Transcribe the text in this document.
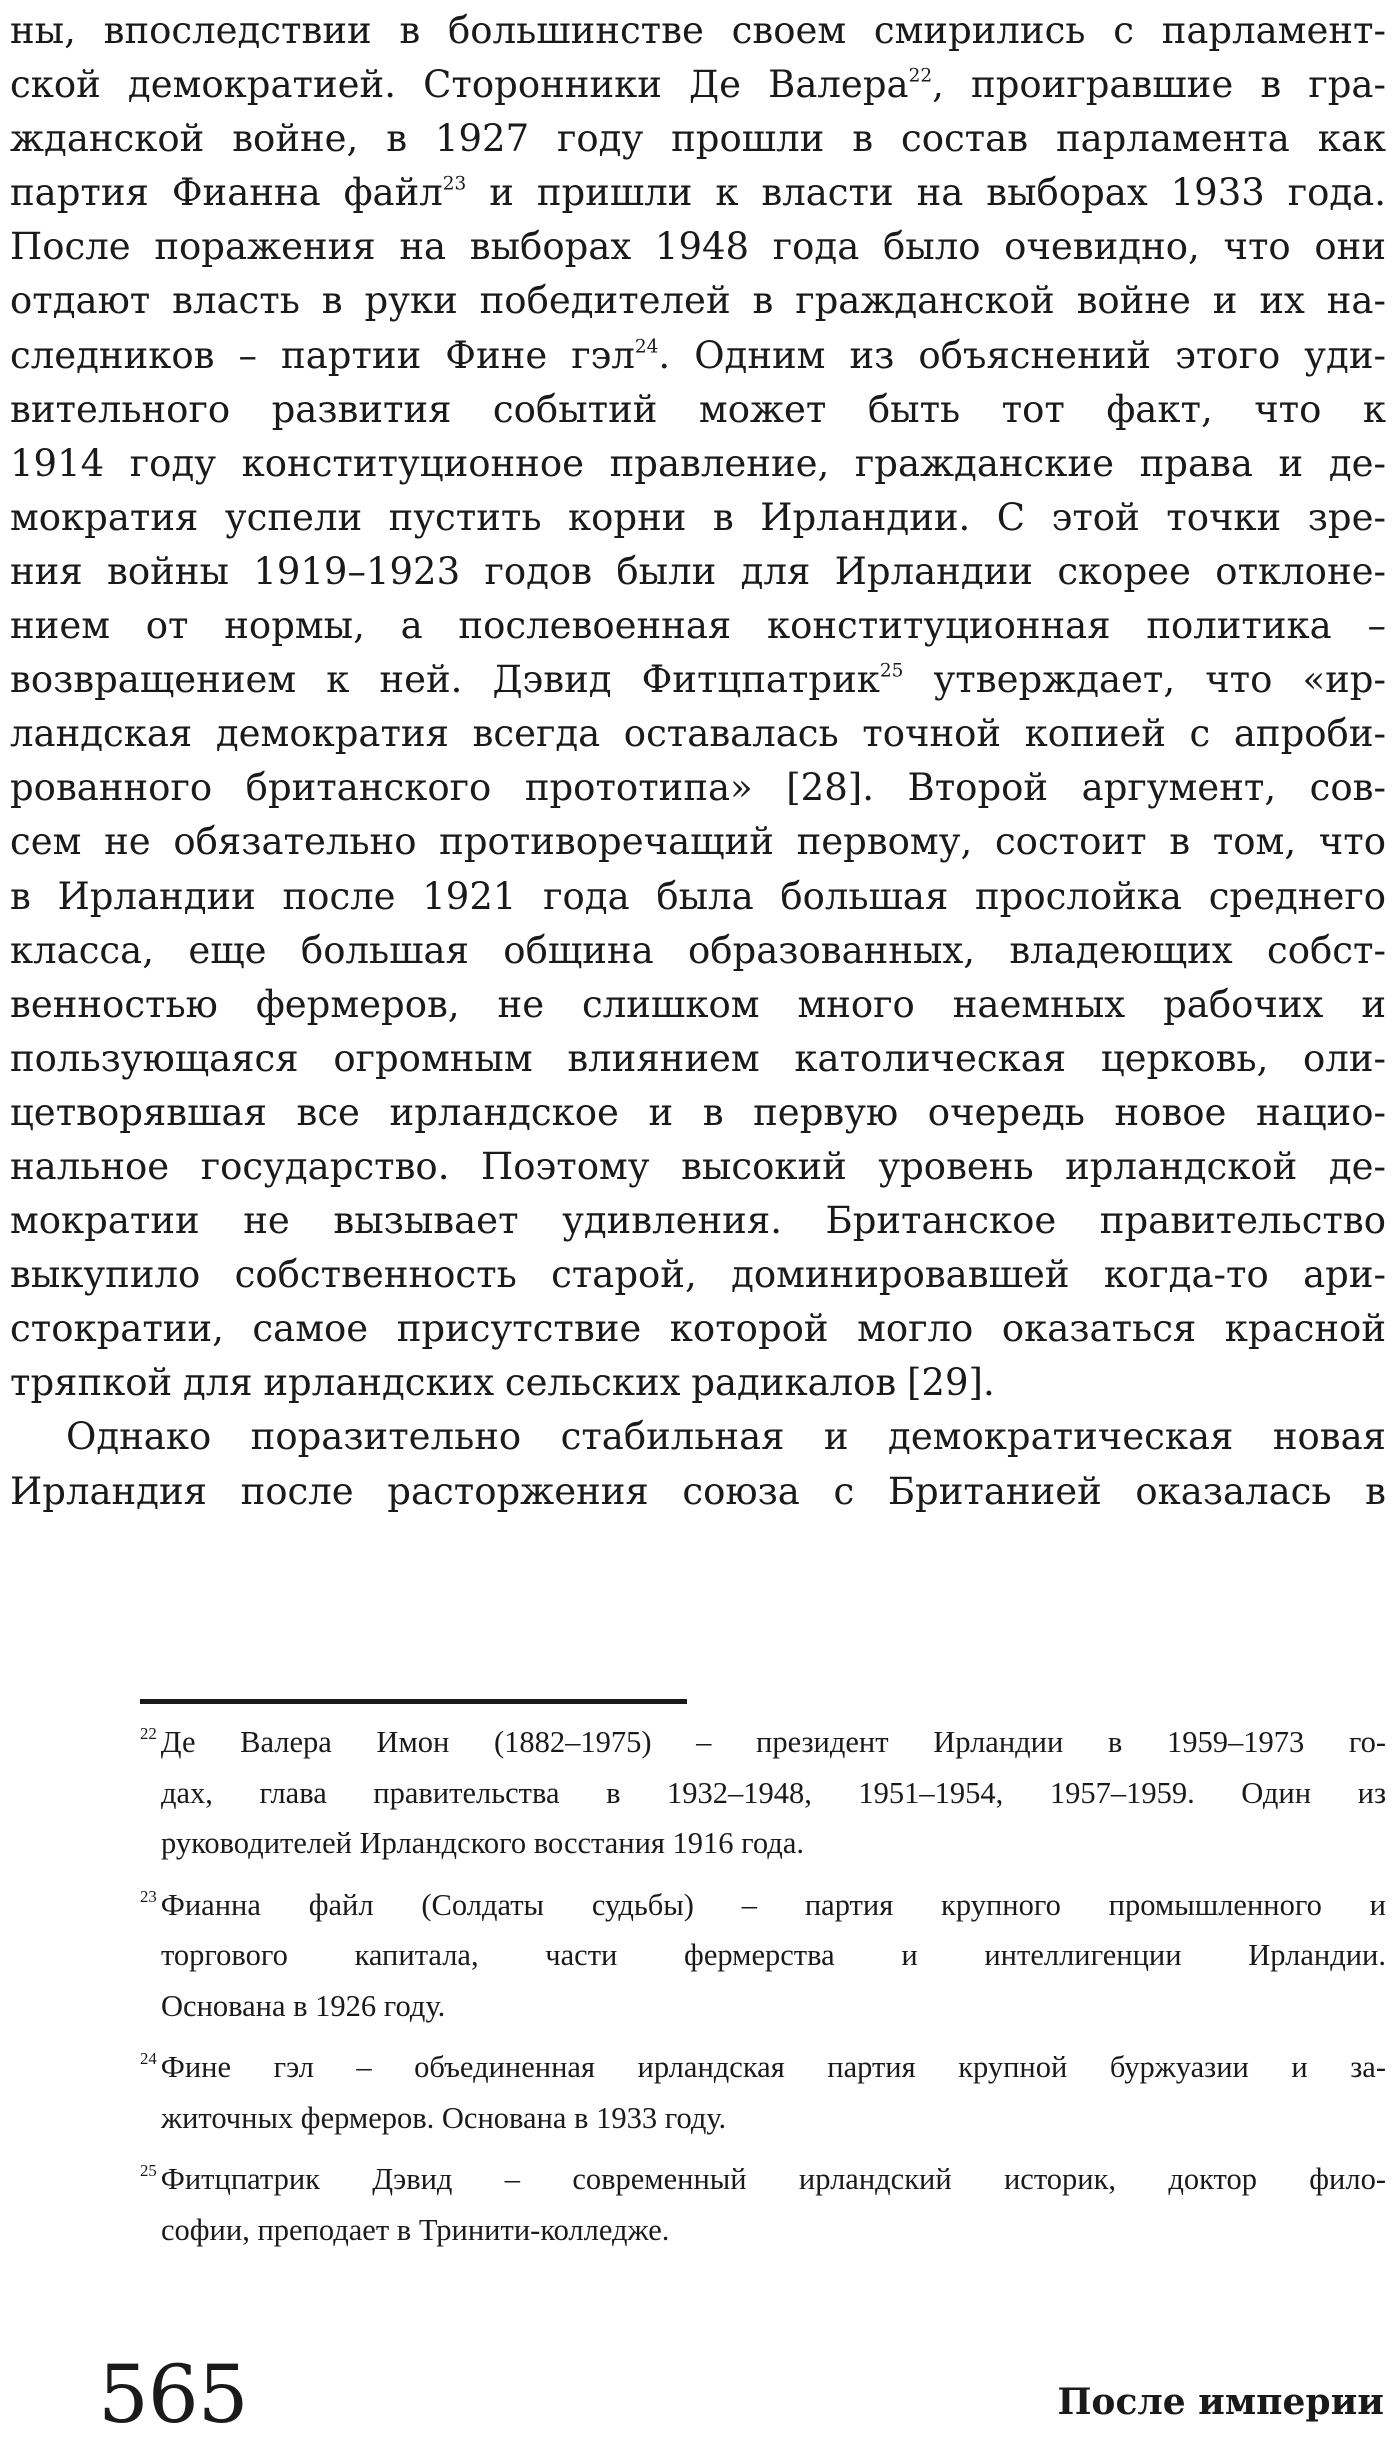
ны, впоследствии в большинстве своем смирились с парламент-
ской демократией. Сторонники Де Валера$^{22}$, проигравшие в гра-
жданской войне, в 1927 году прошли в состав парламента как
партия Фианна файл$^{23}$ и пришли к власти на выборах 1933 года.
После поражения на выборах 1948 года было очевидно, что они
отдают власть в руки победителей в гражданской войне и их на-
следников – партии Фине гэл$^{24}$. Одним из объяснений этого уди-
вительного развития событий может быть тот факт, что к
1914 году конституционное правление, гражданские права и де-
мократия успели пустить корни в Ирландии. С этой точки зре-
ния войны 1919–1923 годов были для Ирландии скорее отклоне-
нием от нормы, а послевоенная конституционная политика –
возвращением к ней. Дэвид Фитцпатрик$^{25}$ утверждает, что «ир-
ландская демократия всегда оставалась точной копией с апроби-
рованного британского прототипа» [28]. Второй аргумент, сов-
сем не обязательно противоречащий первому, состоит в том, что
в Ирландии после 1921 года была большая прослойка среднего
класса, еще большая община образованных, владеющих собст-
венностью фермеров, не слишком много наемных рабочих и
пользующаяся огромным влиянием католическая церковь, оли-
цетворявшая все ирландское и в первую очередь новое нацио-
нальное государство. Поэтому высокий уровень ирландской де-
мократии не вызывает удивления. Британское правительство
выкупило собственность старой, доминировавшей когда-то ари-
стократии, самое присутствие которой могло оказаться красной
тряпкой для ирландских сельских радикалов [29].
Однако поразительно стабильная и демократическая новая
Ирландия после расторжения союза с Британией оказалась в
$^{22}$ Де Валера Имон (1882–1975) – президент Ирландии в 1959–1973 го-
дах, глава правительства в 1932–1948, 1951–1954, 1957–1959. Один из
руководителей Ирландского восстания 1916 года.
$^{23}$ Фианна файл (Солдаты судьбы) – партия крупного промышленного и
торгового капитала, части фермерства и интеллигенции Ирландии.
Основана в 1926 году.
$^{24}$ Фине гэл – объединенная ирландская партия крупной буржуазии и за-
житочных фермеров. Основана в 1933 году.
$^{25}$ Фитцпатрик Дэвид – современный ирландский историк, доктор фило-
софии, преподает в Тринити-колледже.
565	После империи
